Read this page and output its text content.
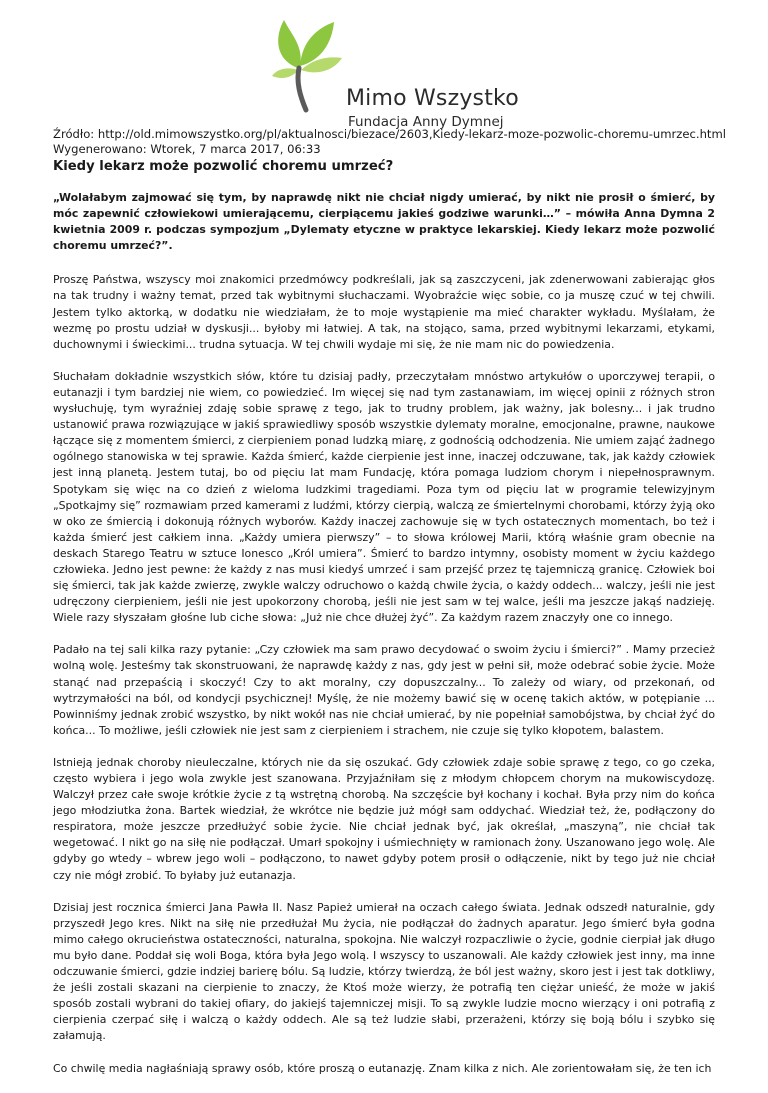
Mimo Wszystko
Fundacja Anny Dymnej
Źródło: http://old.mimowszystko.org/pl/aktualnosci/biezace/2603,Kiedy-lekarz-moze-pozwolic-choremu-umrzec.html
Wygenerowano: Wtorek, 7 marca 2017, 06:33
Kiedy lekarz może pozwolić choremu umrzeć?

„Wolałabym zajmować się tym, by naprawdę nikt nie chciał nigdy umierać, by nikt nie prosił o śmierć, by móc zapewnić człowiekowi umierającemu, cierpiącemu jakieś godziwe warunki…” – mówiła Anna Dymna 2 kwietnia 2009 r. podczas sympozjum „Dylematy etyczne w praktyce lekarskiej. Kiedy lekarz może pozwolić choremu umrzeć?”.

Proszę Państwa, wszyscy moi znakomici przedmówcy podkreślali, jak są zaszczyceni, jak zdenerwowani zabierając głos na tak trudny i ważny temat, przed tak wybitnymi słuchaczami. Wyobraźcie więc sobie, co ja muszę czuć w tej chwili. Jestem tylko aktorką, w dodatku nie wiedziałam, że to moje wystąpienie ma mieć charakter wykładu. Myślałam, że wezmę po prostu udział w dyskusji... byłoby mi łatwiej. A tak, na stojąco, sama, przed wybitnymi lekarzami, etykami, duchownymi i świeckimi... trudna sytuacja. W tej chwili wydaje mi się, że nie mam nic do powiedzenia.

Słuchałam dokładnie wszystkich słów, które tu dzisiaj padły, przeczytałam mnóstwo artykułów o uporczywej terapii, o eutanazji i tym bardziej nie wiem, co powiedzieć. Im więcej się nad tym zastanawiam, im więcej opinii z różnych stron wysłuchuję, tym wyraźniej zdaję sobie sprawę z tego, jak to trudny problem, jak ważny, jak bolesny... i jak trudno ustanowić prawa rozwiązujące w jakiś sprawiedliwy sposób wszystkie dylematy moralne, emocjonalne, prawne, naukowe łączące się z momentem śmierci, z cierpieniem ponad ludzką miarę, z godnością odchodzenia. Nie umiem zająć żadnego ogólnego stanowiska w tej sprawie. Każda śmierć, każde cierpienie jest inne, inaczej odczuwane, tak, jak każdy człowiek jest inną planetą. Jestem tutaj, bo od pięciu lat mam Fundację, która pomaga ludziom chorym i niepełnosprawnym. Spotykam się więc na co dzień z wieloma ludzkimi tragediami. Poza tym od pięciu lat w programie telewizyjnym „Spotkajmy się” rozmawiam przed kamerami z ludźmi, którzy cierpią, walczą ze śmiertelnymi chorobami, którzy żyją oko w oko ze śmiercią i dokonują różnych wyborów. Każdy inaczej zachowuje się w tych ostatecznych momentach, bo też i każda śmierć jest całkiem inna. „Każdy umiera pierwszy” – to słowa królowej Marii, którą właśnie gram obecnie na deskach Starego Teatru w sztuce Ionesco „Król umiera”. Śmierć to bardzo intymny, osobisty moment w życiu każdego człowieka. Jedno jest pewne: że każdy z nas musi kiedyś umrzeć i sam przejść przez tę tajemniczą granicę. Człowiek boi się śmierci, tak jak każde zwierzę, zwykle walczy odruchowo o każdą chwile życia, o każdy oddech... walczy, jeśli nie jest udręczony cierpieniem, jeśli nie jest upokorzony chorobą, jeśli nie jest sam w tej walce, jeśli ma jeszcze jakąś nadzieję. Wiele razy słyszałam głośne lub ciche słowa: „Już nie chce dłużej żyć”. Za każdym razem znaczyły one co innego.

Padało na tej sali kilka razy pytanie: „Czy człowiek ma sam prawo decydować o swoim życiu i śmierci?” . Mamy przecież wolną wolę. Jesteśmy tak skonstruowani, że naprawdę każdy z nas, gdy jest w pełni sił, może odebrać sobie życie. Może stanąć nad przepaścią i skoczyć! Czy to akt moralny, czy dopuszczalny... To zależy od wiary, od przekonań, od wytrzymałości na ból, od kondycji psychicznej! Myślę, że nie możemy bawić się w ocenę takich aktów, w potępianie ... Powinniśmy jednak zrobić wszystko, by nikt wokół nas nie chciał umierać, by nie popełniał samobójstwa, by chciał żyć do końca... To możliwe, jeśli człowiek nie jest sam z cierpieniem i strachem, nie czuje się tylko kłopotem, balastem.

Istnieją jednak choroby nieuleczalne, których nie da się oszukać. Gdy człowiek zdaje sobie sprawę z tego, co go czeka, często wybiera i jego wola zwykle jest szanowana. Przyjaźniłam się z młodym chłopcem chorym na mukowiscydozę. Walczył przez całe swoje krótkie życie z tą wstrętną chorobą. Na szczęście był kochany i kochał. Była przy nim do końca jego młodziutka żona. Bartek wiedział, że wkrótce nie będzie już mógł sam oddychać. Wiedział też, że, podłączony do respiratora, może jeszcze przedłużyć sobie życie. Nie chciał jednak być, jak określał, „maszyną”, nie chciał tak wegetować. I nikt go na siłę nie podłączał. Umarł spokojny i uśmiechnięty w ramionach żony. Uszanowano jego wolę. Ale gdyby go wtedy – wbrew jego woli – podłączono, to nawet gdyby potem prosił o odłączenie, nikt by tego już nie chciał czy nie mógł zrobić. To byłaby już eutanazja.

Dzisiaj jest rocznica śmierci Jana Pawła II. Nasz Papież umierał na oczach całego świata. Jednak odszedł naturalnie, gdy przyszedł Jego kres. Nikt na siłę nie przedłużał Mu życia, nie podłączał do żadnych aparatur. Jego śmierć była godna mimo całego okrucieństwa ostateczności, naturalna, spokojna. Nie walczył rozpaczliwie o życie, godnie cierpiał jak długo mu było dane. Poddał się woli Boga, która była Jego wolą. I wszyscy to uszanowali. Ale każdy człowiek jest inny, ma inne odczuwanie śmierci, gdzie indziej barierę bólu. Są ludzie, którzy twierdzą, że ból jest ważny, skoro jest i jest tak dotkliwy, że jeśli zostali skazani na cierpienie to znaczy, że Ktoś może wierzy, że potrafią ten ciężar unieść, że może w jakiś sposób zostali wybrani do takiej ofiary, do jakiejś tajemniczej misji. To są zwykle ludzie mocno wierzący i oni potrafią z cierpienia czerpać siłę i walczą o każdy oddech. Ale są też ludzie słabi, przerażeni, którzy się boją bólu i szybko się załamują.

Co chwilę media nagłaśniają sprawy osób, które proszą o eutanazję. Znam kilka z nich. Ale zorientowałam się, że ten ich
